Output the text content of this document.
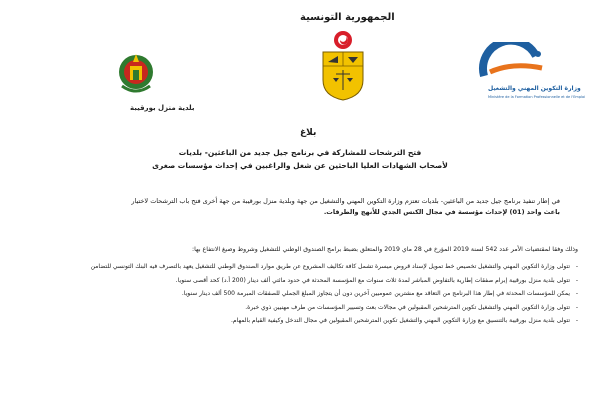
الجمهورية التونسية
بلدية منزل بورقيبة
وزارة التكوين المهني والتشغيل
Ministère de la Formation Professionnelle et de l'Emploi
بلاغ
فتح الترشحات للمشاركة في برنامج جيل جديد من الباعثين- بلديات
لأصحاب الشهادات العليا الباحثين عن شغل والراغبين في إحداث مؤسسات صغرى
في إطار تنفيذ برنامج جيل جديد من الباعثين- بلديات تعتزم وزارة التكوين المهني والتشغيل من جهة وبلدية منزل بورقيبة من جهة أخرى فتح باب الترشحات لاختيار
باعث واحد (01) لإحداث مؤسسة في مجال الكنس الجدي للأنهج والطرقات.
وذلك وفقا لمقتضيات الأمر عدد 542 لسنة 2019 المؤرخ في 28 ماي 2019 والمتعلق بضبط برامج الصندوق الوطني للتشغيل وشروط وصيغ الانتفاع بها:
-
تتولى وزارة التكوين المهني والتشغيل تخصيص خط تمويل لإسناد قروض ميسرة تشمل كافة تكاليف المشروع عن طريق موارد الصندوق الوطني للتشغيل يعهد بالتصرف فيه البنك التونسي للتضامن
-
تتولى بلدية منزل بورقيبة إبرام صفقات إطارية بالتفاوض المباشر لمدة ثلاث سنوات مع المؤسسة المحدثة في حدود مائتي ألف دينار (200 أ.د) كحد أقصى سنويا.
-
يمكن للمؤسسات المحدثة في إطار هذا البرنامج من التعاقد مع مشترين عموميين آخرين دون أن يتجاوز المبلغ الجملي للصفقات المبرمة 500 ألف دينار سنويا.
-
تتولى وزارة التكوين المهني والتشغيل تكوين المترشحين المقبولين في مجالات بعث وتسيير المؤسسات من طرف مهنيين ذوي خبرة.
-
تتولى بلدية منزل بورقيبة بالتنسيق مع وزارة التكوين المهني والتشغيل تكوين المترشحين المقبولين في مجال التدخل وكيفية القيام بالمهام.
